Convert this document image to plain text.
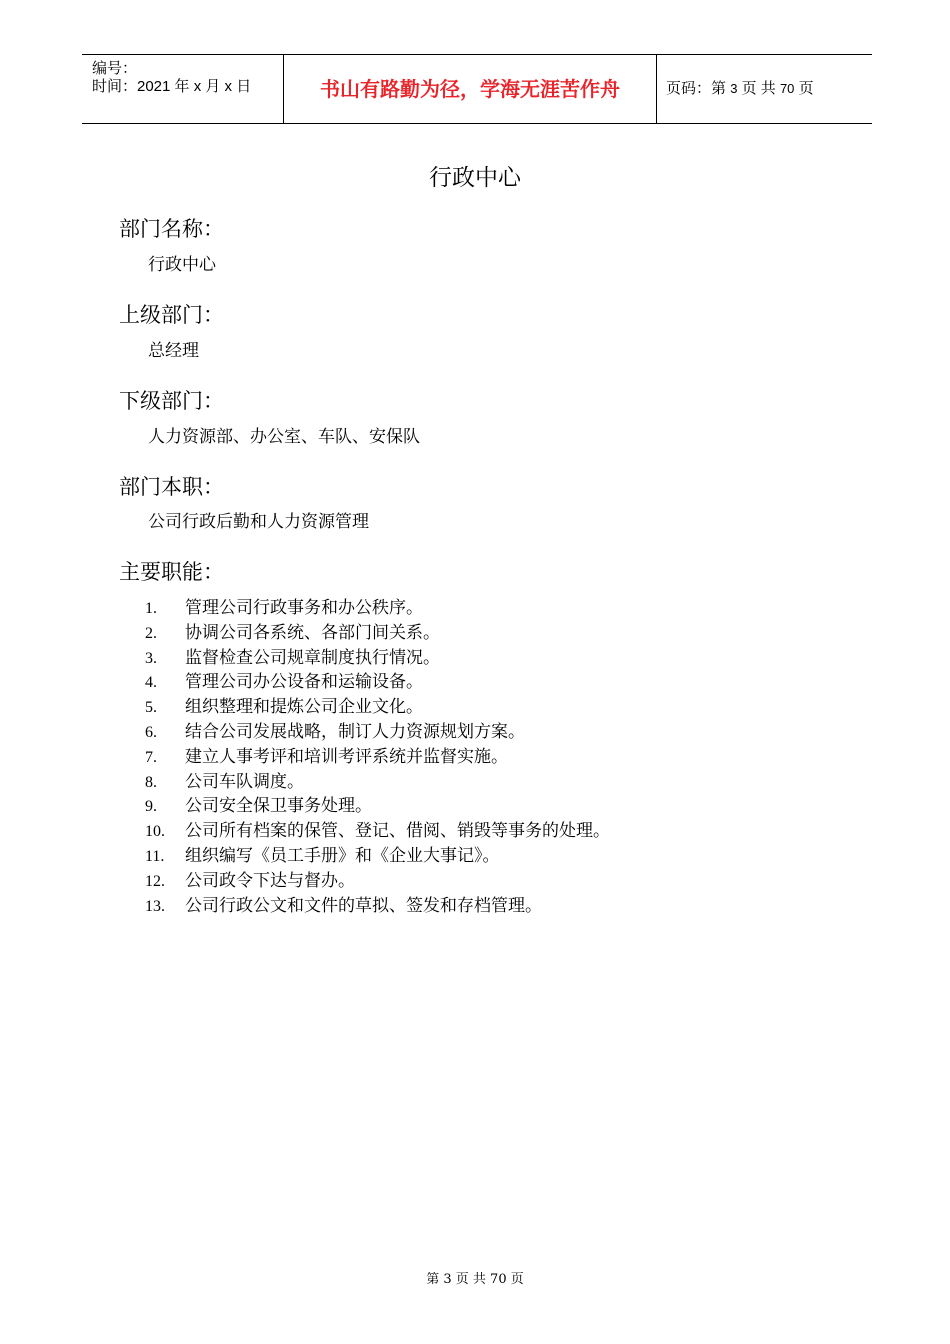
编号：
时间：2021 年 x 月 x 日	书山有路勤为径，学海无涯苦作舟	页码：第 3 页 共 70 页
行政中心
部门名称：
行政中心
上级部门：
总经理
下级部门：
人力资源部、办公室、车队、安保队
部门本职：
公司行政后勤和人力资源管理
主要职能：
1. 管理公司行政事务和办公秩序。
2. 协调公司各系统、各部门间关系。
3. 监督检查公司规章制度执行情况。
4. 管理公司办公设备和运输设备。
5. 组织整理和提炼公司企业文化。
6. 结合公司发展战略，制订人力资源规划方案。
7. 建立人事考评和培训考评系统并监督实施。
8. 公司车队调度。
9. 公司安全保卫事务处理。
10. 公司所有档案的保管、登记、借阅、销毁等事务的处理。
11. 组织编写《员工手册》和《企业大事记》。
12. 公司政令下达与督办。
13. 公司行政公文和文件的草拟、签发和存档管理。
第 3 页 共 70 页
